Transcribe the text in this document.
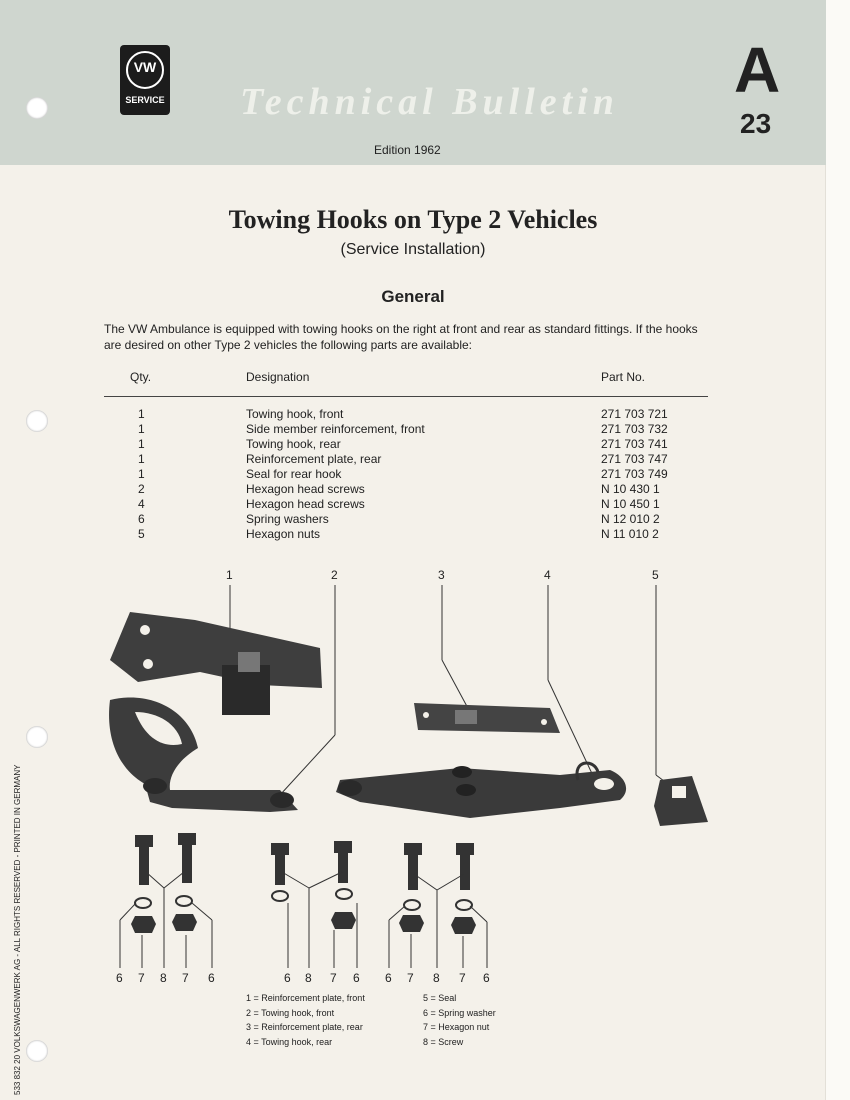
VW
SERVICE Technical Bulletin
Edition 1962
A
23
Towing Hooks on Type 2 Vehicles
(Service Installation)
General
The VW Ambulance is equipped with towing hooks on the right at front and rear as standard fittings. If the hooks are desired on other Type 2 vehicles the following parts are available:
Qty.	Designation	Part No.
1	Towing hook, front	271 703 721
1	Side member reinforcement, front	271 703 732
1	Towing hook, rear	271 703 741
1	Reinforcement plate, rear	271 703 747
1	Seal for rear hook	271 703 749
2	Hexagon head screws	N 10 430 1
4	Hexagon head screws	N 10 450 1
6	Spring washers	N 12 010 2
5	Hexagon nuts	N 11 010 2
1	2	3	4	5
6 7 8 7 6	6 8 7 6 6 7 8 7 6
1 = Reinforcement plate, front
2 = Towing hook, front
3 = Reinforcement plate, rear
4 = Towing hook, rear
5 = Seal
6 = Spring washer
7 = Hexagon nut
8 = Screw
533 832 20 VOLKSWAGENWERK AG - ALL RIGHTS RESERVED - PRINTED IN GERMANY
